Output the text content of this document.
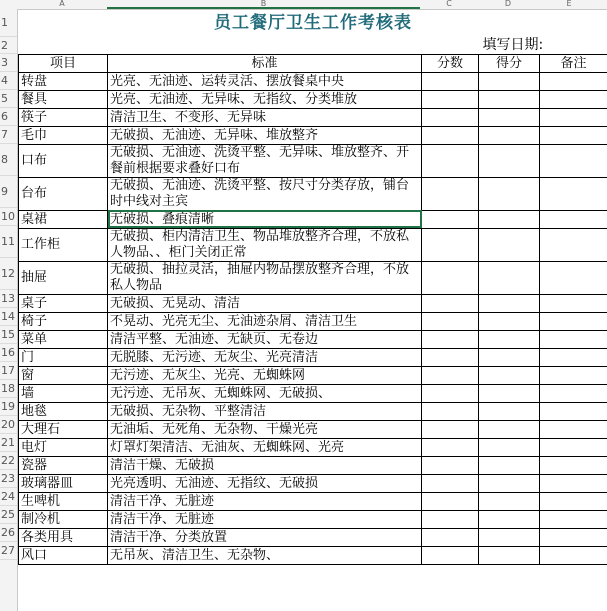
A	B	C	D	E
1
2
3
4
5
6
7
8
9
10
11
12
13
14
15
16
17
18
19
20
21
22
23
24
25
26
27
员工餐厅卫生工作考核表				
			填写日期:	
项目	标准	分数	得分	备注
转盘	光亮、无油迹、运转灵活、摆放餐桌中央			
餐具	光亮、无油迹、无异味、无指纹、分类堆放			
筷子	清洁卫生、不变形、无异味			
毛巾	无破损、无油迹、无异味、堆放整齐			
口布	无破损、无油迹、洗烫平整、无异味、堆放整齐、开餐前根据要求叠好口布			
台布	无破损、无油迹、洗烫平整、按尺寸分类存放，铺台时中线对主宾			
桌裙	无破损、叠痕清晰			
工作柜	无破损、柜内清洁卫生、物品堆放整齐合理，不放私人物品、、柜门关闭正常			
抽屉	无破损、抽拉灵活，抽屉内物品摆放整齐合理，不放私人物品			
桌子	无破损、无晃动、清洁			
椅子	不晃动、光亮无尘、无油迹杂屑、清洁卫生			
菜单	清洁平整、无油迹、无缺页、无卷边			
门	无脱膝、无污迹、无灰尘、光亮清洁			
窗	无污迹、无灰尘、光亮、无蜘蛛网			
墙	无污迹、无吊灰、无蜘蛛网、无破损、			
地毯	无破损、无杂物、平整清洁			
大理石	无油垢、无死角、无杂物、干燥光亮			
电灯	灯罩灯架清洁、无油灰、无蜘蛛网、光亮			
瓷器	清洁干燥、无破损			
玻璃器皿	光亮透明、无油迹、无指纹、无破损			
生啤机	清洁干净、无脏迹			
制冷机	清洁干净、无脏迹			
各类用具	清洁干净、分类放置			
风口	无吊灰、清洁卫生、无杂物、			
